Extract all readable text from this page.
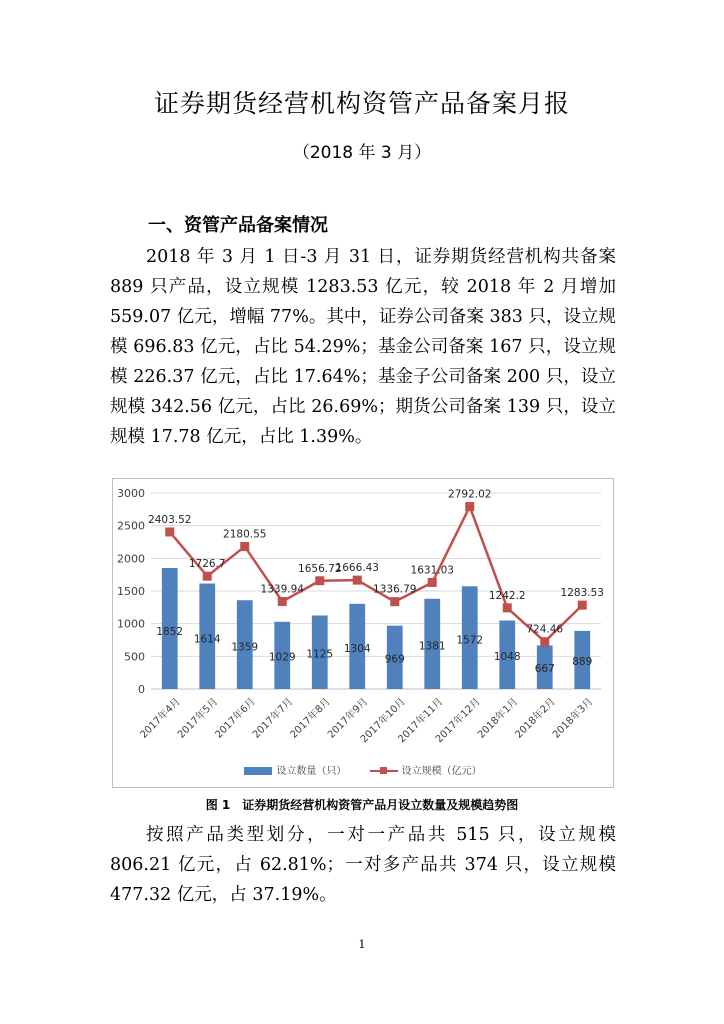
证券期货经营机构资管产品备案月报
（2018 年 3 月）
一、资管产品备案情况

2018 年 3 月 1 日-3 月 31 日，证券期货经营机构共备案 889 只产品，设立规模 1283.53 亿元，较 2018 年 2 月增加 559.07 亿元，增幅 77%。其中，证券公司备案 383 只，设立规模 696.83 亿元，占比 54.29%；基金公司备案 167 只，设立规模 226.37 亿元，占比 17.64%；基金子公司备案 200 只，设立规模 342.56 亿元，占比 26.69%；期货公司备案 139 只，设立规模 17.78 亿元，占比 1.39%。

0
500
1000
1500
2000
2500
3000
1852
1614
1359
1029 1125 1304
969
1381 1572
1048
667
889
2403.52
1726.7
2180.55
1339.94
1656.72
1666.43
1336.79
1631.03
2792.02
1242.2
724.46
1283.53
2017年4月
2017年5月
2017年6月
2017年7月
2017年8月
2017年9月
2017年10月
2017年11月
2017年12月
2018年1月
2018年2月
2018年3月
设立数量（只）	设立规模（亿元）
图 1　证券期货经营机构资管产品月设立数量及规模趋势图

按照产品类型划分，一对一产品共 515 只，设立规模 806.21 亿元，占 62.81%；一对多产品共 374 只，设立规模 477.32 亿元，占 37.19%。

1
